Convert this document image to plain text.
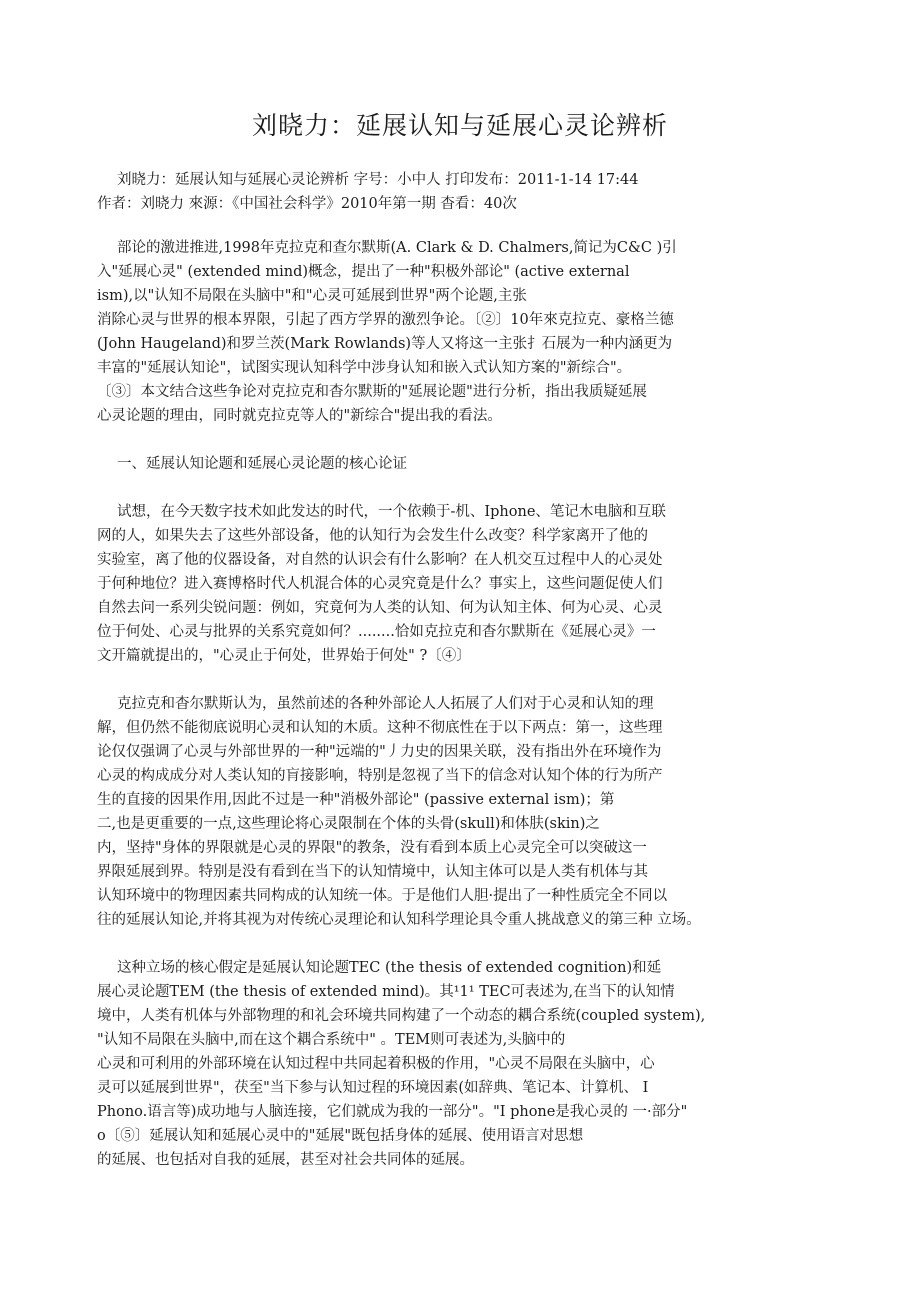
刘晓力：延展认知与延展心灵论辨析
刘晓力：延展认知与延展心灵论辨析 字号：小中人 打印发布：2011-1-14 17:44
作者：刘晓力 來源：《中国社会科学》2010年第一期 杳看：40次
部论的激进推进,1998年克拉克和查尔默斯(A. Clark & D. Chalmers,简记为C&C )引
入"延展心灵" (extended mind)概念，提出了一种"积极外部论" (active external
ism),以"认知不局限在头脑中"和"心灵可延展到世界"两个论题,主张
消除心灵与世界的根本界限，引起了西方学界的激烈争论。〔②〕10年來克拉克、豪格兰德
(John Haugeland)和罗兰茨(Mark Rowlands)等人又将这一主张扌石展为一种内涵更为
丰富的"延展认知论"，试图实现认知科学中涉身认知和嵌入式认知方案的"新综合"。
〔③〕本文结合这些争论对克拉克和杳尔默斯的"延展论题"进行分析，指出我质疑延展
心灵论题的理由，同时就克拉克等人的"新综合"提出我的看法。
一、延展认知论题和延展心灵论题的核心论证
试想，在今天数字技术如此发达的时代，一个依赖于-机、Iphone、笔记木电脑和互联
网的人，如果失去了这些外部设备，他的认知行为会发生什么改变？科学家离开了他的
实验室，离了他的仪器设备，对自然的认识会有什么影响？在人机交互过程中人的心灵处
于何种地位？进入赛博格时代人机混合体的心灵究竟是什么？事实上，这些问题促使人们
自然去问一系列尖锐问题：例如，究竟何为人类的认知、何为认知主体、何为心灵、心灵
位于何处、心灵与批界的关系究竟如何？........恰如克拉克和杳尔默斯在《延展心灵》一
文开篇就提出的，"心灵止于何处，世界始于何处" ?〔④〕
克拉克和杳尔默斯认为，虽然前述的各种外部论人人拓展了人们对于心灵和认知的理
解，但仍然不能彻底说明心灵和认知的木质。这种不彻底性在于以下两点：第一，这些理
论仅仅强调了心灵与外部世界的一种"远端的"丿力史的因果关联，没有指出外在环境作为
心灵的构成成分对人类认知的肓接影响，特别是忽视了当下的信念对认知个体的行为所产
生的直接的因果作用,因此不过是一种"消极外部论" (passive external ism)；第
二,也是更重要的一点,这些理论将心灵限制在个体的头骨(skull)和体肤(skin)之
内，坚持"身体的界限就是心灵的界限"的教条，没有看到本质上心灵完全可以突破这一
界限延展到界。特别是没有看到在当下的认知情境中，认知主体可以是人类有机体与其
认知环境中的物理因素共同构成的认知统一体。于是他们人胆·提出了一种性质完全不同以
往的延展认知论,并将其视为对传统心灵理论和认知科学理论具令重人挑战意义的第三种 立场。
这种立场的核心假定是延展认知论题TEC (the thesis of extended cognition)和延
展心灵论题TEM (the thesis of extended mind)。其¹1¹ TEC可表述为,在当下的认知情
境中，人类有机体与外部物理的和礼会环境共同构建了一个动态的耦合系统(coupled system),
"认知不局限在头脑中,而在这个耦合系统中" 。TEM则可表述为,头脑中的
心灵和可利用的外部环境在认知过程中共同起着积极的作用，"心灵不局限在头脑中，心
灵可以延展到世界"，茯至"当下参与认知过程的环境因素(如辞典、笔记本、计算机、 I
Phono.语言等)成功地与人脑连接，它们就成为我的一部分"。"I phone是我心灵的 一·部分"
o〔⑤〕延展认知和延展心灵中的"延展"既包括身体的延展、使用语言对思想
的延展、也包括对自我的延展，甚至对社会共同体的延展。
